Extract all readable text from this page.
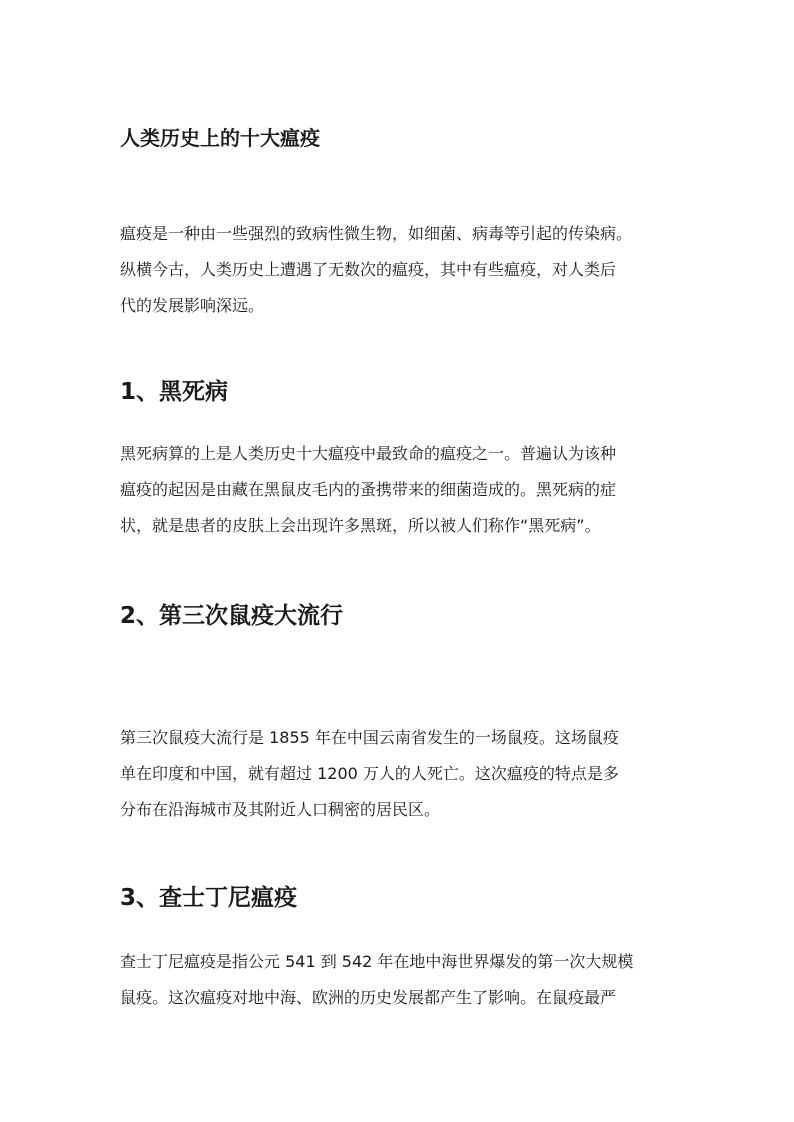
人类历史上的十大瘟疫

瘟疫是一种由一些强烈的致病性微生物，如细菌、病毒等引起的传染病。
纵横今古，人类历史上遭遇了无数次的瘟疫，其中有些瘟疫，对人类后
代的发展影响深远。

1、黑死病

黑死病算的上是人类历史十大瘟疫中最致命的瘟疫之一。普遍认为该种
瘟疫的起因是由藏在黑鼠皮毛内的蚤携带来的细菌造成的。黑死病的症
状，就是患者的皮肤上会出现许多黑斑，所以被人们称作“黑死病”。

2、第三次鼠疫大流行

第三次鼠疫大流行是 1855 年在中国云南省发生的一场鼠疫。这场鼠疫
单在印度和中国，就有超过 1200 万人的人死亡。这次瘟疫的特点是多
分布在沿海城市及其附近人口稠密的居民区。

3、查士丁尼瘟疫

查士丁尼瘟疫是指公元 541 到 542 年在地中海世界爆发的第一次大规模
鼠疫。这次瘟疫对地中海、欧洲的历史发展都产生了影响。在鼠疫最严
